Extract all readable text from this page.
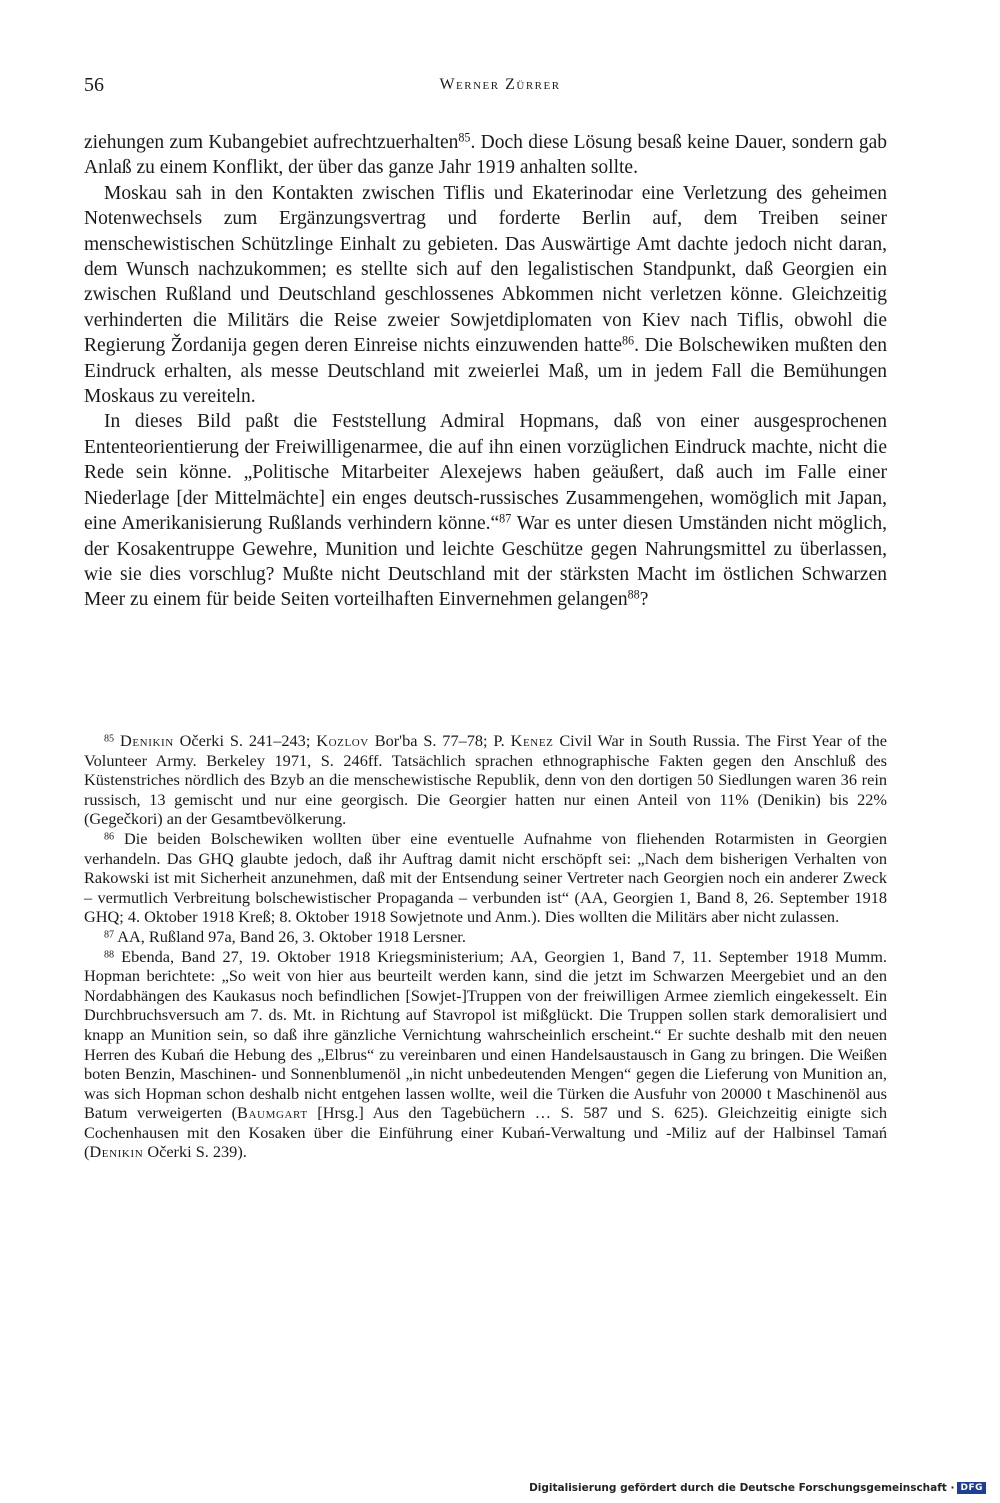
56	Werner Zürrer

ziehungen zum Kubangebiet aufrechtzuerhalten$^{85}$. Doch diese Lösung besaß keine Dauer, sondern gab Anlaß zu einem Konflikt, der über das ganze Jahr 1919 anhalten sollte.

Moskau sah in den Kontakten zwischen Tiflis und Ekaterinodar eine Verletzung des geheimen Notenwechsels zum Ergänzungsvertrag und forderte Berlin auf, dem Treiben seiner menschewistischen Schützlinge Einhalt zu gebieten. Das Auswärtige Amt dachte jedoch nicht daran, dem Wunsch nachzukommen; es stellte sich auf den legalistischen Standpunkt, daß Georgien ein zwischen Rußland und Deutschland geschlossenes Abkommen nicht verletzen könne. Gleichzeitig verhinderten die Militärs die Reise zweier Sowjetdiplomaten von Kiev nach Tiflis, obwohl die Regierung Žordanija gegen deren Einreise nichts einzuwenden hatte$^{86}$. Die Bolschewiken mußten den Eindruck erhalten, als messe Deutschland mit zweierlei Maß, um in jedem Fall die Bemühungen Moskaus zu vereiteln.

In dieses Bild paßt die Feststellung Admiral Hopmans, daß von einer ausgesprochenen Ententeorientierung der Freiwilligenarmee, die auf ihn einen vorzüglichen Eindruck machte, nicht die Rede sein könne. „Politische Mitarbeiter Alexejews haben geäußert, daß auch im Falle einer Niederlage [der Mittelmächte] ein enges deutsch-russisches Zusammengehen, womöglich mit Japan, eine Amerikanisierung Rußlands verhindern könne.“$^{87}$ War es unter diesen Umständen nicht möglich, der Kosakentruppe Gewehre, Munition und leichte Geschütze gegen Nahrungsmittel zu überlassen, wie sie dies vorschlug? Mußte nicht Deutschland mit der stärksten Macht im östlichen Schwarzen Meer zu einem für beide Seiten vorteilhaften Einvernehmen gelangen$^{88}$?

$^{85}$ Denikin Očerki S. 241–243; Kozlov Bor'ba S. 77–78; P. Kenez Civil War in South Russia. The First Year of the Volunteer Army. Berkeley 1971, S. 246ff. Tatsächlich sprachen ethnographische Fakten gegen den Anschluß des Küstenstriches nördlich des Bzyb an die menschewistische Republik, denn von den dortigen 50 Siedlungen waren 36 rein russisch, 13 gemischt und nur eine georgisch. Die Georgier hatten nur einen Anteil von 11% (Denikin) bis 22% (Gegečkori) an der Gesamtbevölkerung.

$^{86}$ Die beiden Bolschewiken wollten über eine eventuelle Aufnahme von fliehenden Rotarmisten in Georgien verhandeln. Das GHQ glaubte jedoch, daß ihr Auftrag damit nicht erschöpft sei: „Nach dem bisherigen Verhalten von Rakowski ist mit Sicherheit anzunehmen, daß mit der Entsendung seiner Vertreter nach Georgien noch ein anderer Zweck – vermutlich Verbreitung bolschewistischer Propaganda – verbunden ist“ (AA, Georgien 1, Band 8, 26. September 1918 GHQ; 4. Oktober 1918 Kreß; 8. Oktober 1918 Sowjetnote und Anm.). Dies wollten die Militärs aber nicht zulassen.

$^{87}$ AA, Rußland 97a, Band 26, 3. Oktober 1918 Lersner.

$^{88}$ Ebenda, Band 27, 19. Oktober 1918 Kriegsministerium; AA, Georgien 1, Band 7, 11. September 1918 Mumm. Hopman berichtete: „So weit von hier aus beurteilt werden kann, sind die jetzt im Schwarzen Meergebiet und an den Nordabhängen des Kaukasus noch befindlichen [Sowjet-]Truppen von der freiwilligen Armee ziemlich eingekesselt. Ein Durchbruchsversuch am 7. ds. Mt. in Richtung auf Stavropol ist mißglückt. Die Truppen sollen stark demoralisiert und knapp an Munition sein, so daß ihre gänzliche Vernichtung wahrscheinlich erscheint.“ Er suchte deshalb mit den neuen Herren des Kubań die Hebung des „Elbrus“ zu vereinbaren und einen Handelsaustausch in Gang zu bringen. Die Weißen boten Benzin, Maschinen- und Sonnenblumenöl „in nicht unbedeutenden Mengen“ gegen die Lieferung von Munition an, was sich Hopman schon deshalb nicht entgehen lassen wollte, weil die Türken die Ausfuhr von 20000 t Maschinenöl aus Batum verweigerten (Baumgart [Hrsg.] Aus den Tagebüchern … S. 587 und S. 625). Gleichzeitig einigte sich Cochenhausen mit den Kosaken über die Einführung einer Kubań-Verwaltung und -Miliz auf der Halbinsel Tamań (Denikin Očerki S. 239).

Digitalisierung gefördert durch die Deutsche Forschungsgemeinschaft · DFG
